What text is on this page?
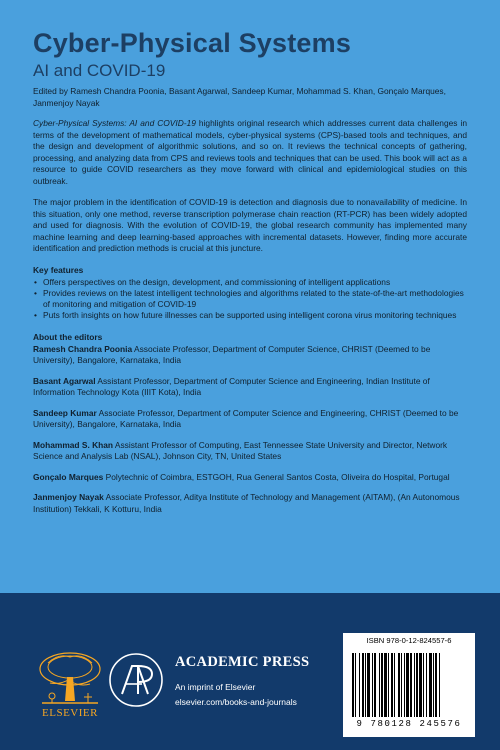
Cyber-Physical Systems
AI and COVID-19
Edited by Ramesh Chandra Poonia, Basant Agarwal, Sandeep Kumar, Mohammad S. Khan, Gonçalo Marques, Janmenjoy Nayak

Cyber-Physical Systems: AI and COVID-19 highlights original research which addresses current data challenges in terms of the development of mathematical models, cyber-physical systems (CPS)-based tools and techniques, and the design and development of algorithmic solutions, and so on. It reviews the technical concepts of gathering, processing, and analyzing data from CPS and reviews tools and techniques that can be used. This book will act as a resource to guide COVID researchers as they move forward with clinical and epidemiological studies on this outbreak.

The major problem in the identification of COVID-19 is detection and diagnosis due to nonavailability of medicine. In this situation, only one method, reverse transcription polymerase chain reaction (RT-PCR) has been widely adopted and used for diagnosis. With the evolution of COVID-19, the global research community has implemented many machine learning and deep learning-based approaches with incremental datasets. However, finding more accurate identification and prediction methods is crucial at this juncture.

Key features
• Offers perspectives on the design, development, and commissioning of intelligent applications
• Provides reviews on the latest intelligent technologies and algorithms related to the state-of-the-art methodologies of monitoring and mitigation of COVID-19
• Puts forth insights on how future illnesses can be supported using intelligent corona virus monitoring techniques
About the editors
Ramesh Chandra Poonia Associate Professor, Department of Computer Science, CHRIST (Deemed to be University), Bangalore, Karnataka, India
Basant Agarwal Assistant Professor, Department of Computer Science and Engineering, Indian Institute of Information Technology Kota (IIIT Kota), India
Sandeep Kumar Associate Professor, Department of Computer Science and Engineering, CHRIST (Deemed to be University), Bangalore, Karnataka, India
Mohammad S. Khan Assistant Professor of Computing, East Tennessee State University and Director, Network Science and Analysis Lab (NSAL), Johnson City, TN, United States
Gonçalo Marques Polytechnic of Coimbra, ESTGOH, Rua General Santos Costa, Oliveira do Hospital, Portugal
Janmenjoy Nayak Associate Professor, Aditya Institute of Technology and Management (AITAM), (An Autonomous Institution) Tekkali, K Kotturu, India
ELSEVIER
ACADEMIC PRESS
An imprint of Elsevier
elsevier.com/books-and-journals
ISBN 978-0-12-824557-6
9 780128 245576
